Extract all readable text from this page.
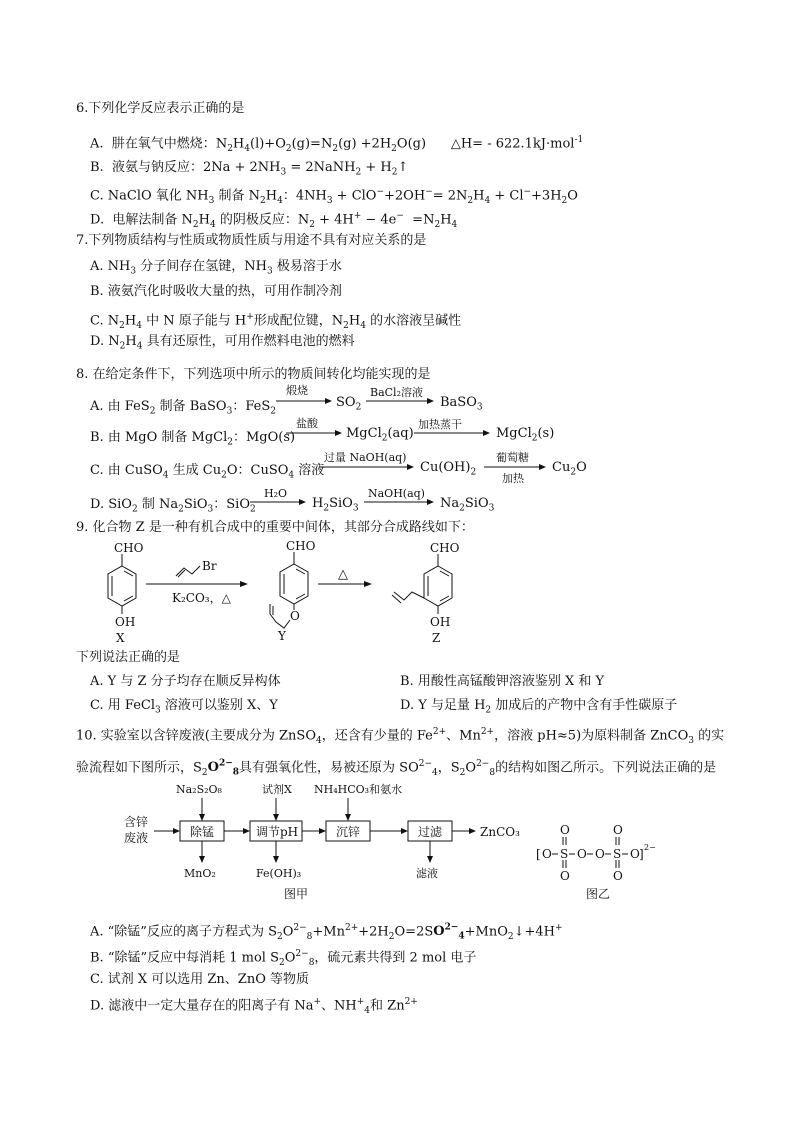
6.下列化学反应表示正确的是
A. 肼在氧气中燃烧：$N_2H_4(l)+O_2(g)=N_2(g) +2H_2O(g)$      △H= - 622.1kJ·mol$^{-1}$
B. 液氨与钠反应：$2Na + 2NH_3$ = 2NaNH$_2$ + $H_2↑$
C. NaClO 氧化 $NH_3$ 制备 $N_2H_4$：$4NH_3 + ClO^-+2OH^-= 2N_2H_4 + Cl^-+3H_2O$
D. 电解法制备 $N_2H_4$ 的阴极反应：$N_2 + 4H^+ - 4e^- =N_2H_4$
7.下列物质结构与性质或物质性质与用途不具有对应关系的是
A. $NH_3$ 分子间存在氢键，$NH_3$ 极易溶于水
B. 液氨汽化时吸收大量的热，可用作制冷剂
C. $N_2H_4$ 中 N 原子能与 H+形成配位键，$N_2H_4$ 的水溶液呈碱性
D. $N_2H_4$ 具有还原性，可用作燃料电池的燃料
8. 在给定条件下，下列选项中所示的物质间转化均能实现的是
A. 由 FeS$_2$ 制备 BaSO$_3$：FeS$_2$
煅烧
$SO_2$
BaCl₂溶液
BaSO$_3$
B. 由 MgO 制备 MgCl$_2$：MgO(s)
盐酸
MgCl$_2$(aq)
加热蒸干
MgCl$_2$(s)
C. 由 CuSO$_4$ 生成 $Cu_2O$：CuSO$_4$ 溶液
过量 NaOH(aq)
$Cu(OH)_2$
葡萄糖
加热
$Cu_2O$
D. SiO$_2$ 制 $Na_2SiO_3$：SiO$_2$
H₂O
$H_2SiO_3$
NaOH(aq)
$Na_2SiO_3$
9. 化合物 Z 是一种有机合成中的重要中间体，其部分合成路线如下：
CHO
OH
X
Br
K₂CO₃，△
CHO
O
Y
△
CHO
OH
Z
下列说法正确的是
A. Y 与 Z 分子均存在顺反异构体	B. 用酸性高锰酸钾溶液鉴别 X 和 Y
C. 用 FeCl$_3$ 溶液可以鉴别 X、Y	D. Y 与足量 $H_2$ 加成后的产物中含有手性碳原子
10. 实验室以含锌废液(主要成分为 ZnSO$_4$，还含有少量的 $Fe^{2+}$、$Mn^{2+}$，溶液 pH≈5)为原料制备 ZnCO$_3$ 的实
验流程如下图所示，$S_2O^{2-}_8$具有强氧化性，易被还原为 $SO^{2-}_4$，$S_2O^{2-}_8$的结构如图乙所示。下列说法正确的是
含锌
废液	除锰	调节pH	沉锌	过滤	ZnCO₃
Na₂S₂O₈	试剂X NH₄HCO₃和氨水
MnO₂	Fe(OH)₃	滤液
图甲
[ O S O O S O ] 2−
O
O
O
O
图乙
A. “除锰”反应的离子方程式为 $S_2O^{2-}_8+Mn^{2+}+2H_2O=2SO^{2-}_4+MnO_2↓+4H^+$
B. “除锰”反应中每消耗 1 mol $S_2O^{2-}_8$，硫元素共得到 2 mol 电子
C. 试剂 X 可以选用 Zn、ZnO 等物质
D. 滤液中一定大量存在的阳离子有 Na+、$NH^+_4$和 $Zn^{2+}$
